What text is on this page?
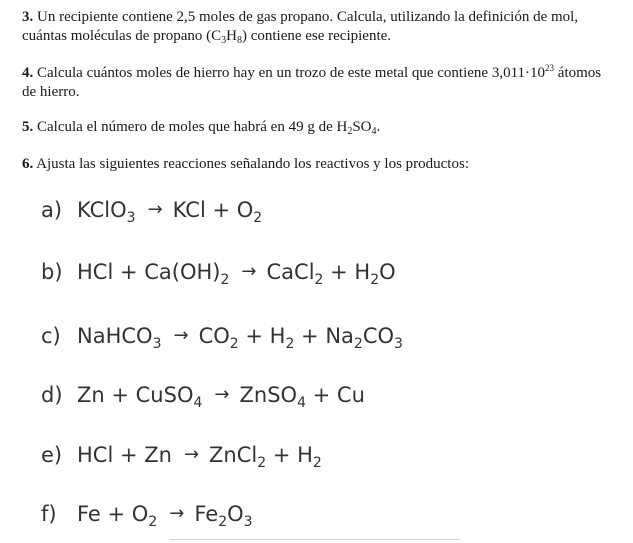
3. Un recipiente contiene 2,5 moles de gas propano. Calcula, utilizando la definición de mol, cuántas moléculas de propano $(C_3H_8)$ contiene ese recipiente.
4. Calcula cuántos moles de hierro hay en un trozo de este metal que contiene $3,011\cdot 10^{23}$ átomos de hierro.
5. Calcula el número de moles que habrá en 49 g de $H_2SO_4$.
6. Ajusta las siguientes reacciones señalando los reactivos y los productos:
a) KClO$_3$ → KCl + $O_2$
b) HCl + $Ca(OH)_2$ → CaCl$_2$ + $H_2O$
c) NaHCO$_3$ → $CO_2 + H_2 + Na_2CO_3$
d) Zn + CuSO$_4$ → ZnSO$_4$ + Cu
e) HCl + Zn → ZnCl$_2$ + $H_2$
f) $Fe + O_2 \to Fe_2O_3$
